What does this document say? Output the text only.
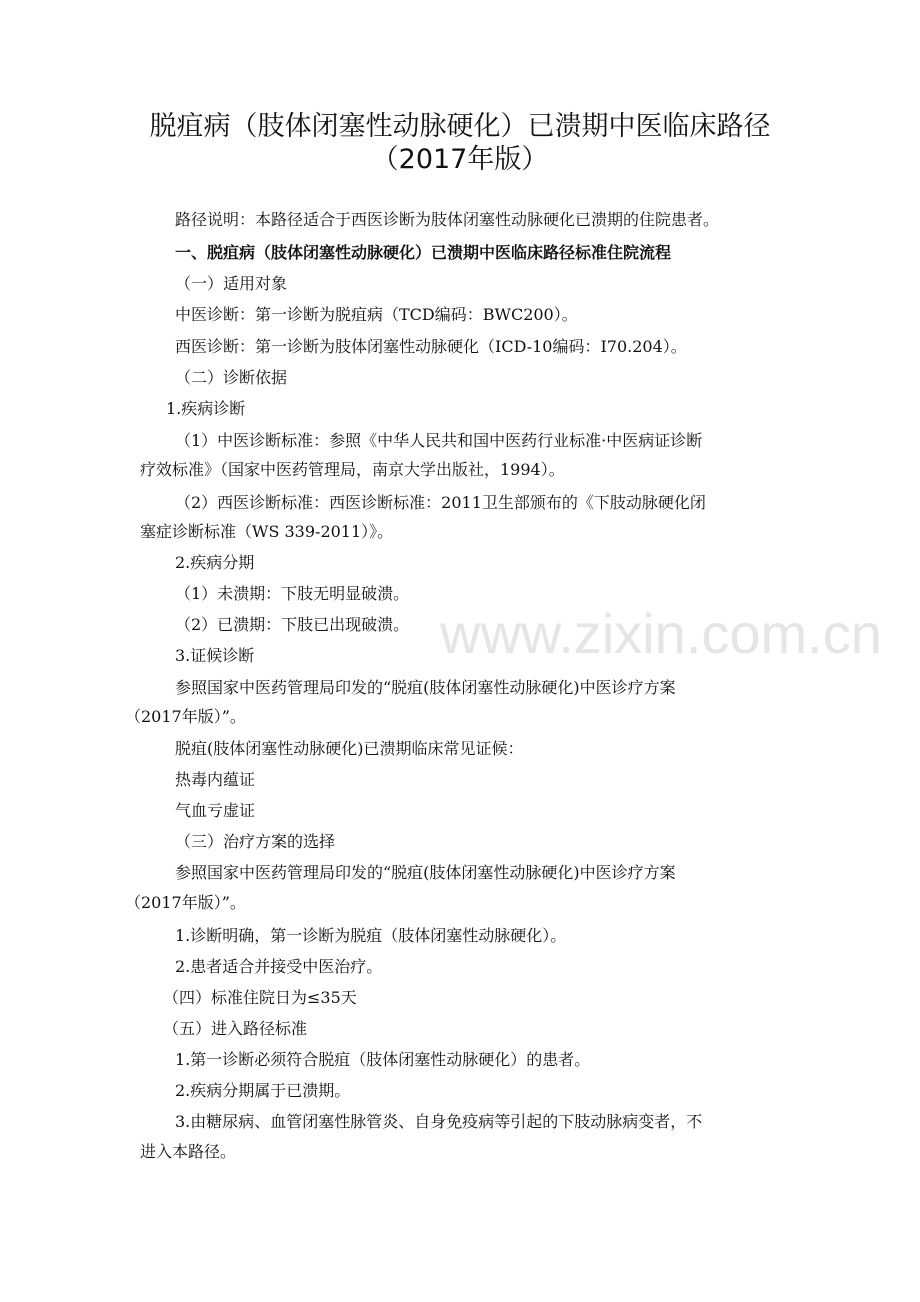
脱疽病（肢体闭塞性动脉硬化）已溃期中医临床路径
（2017年版）
路径说明：本路径适合于西医诊断为肢体闭塞性动脉硬化已溃期的住院患者。
一、脱疽病（肢体闭塞性动脉硬化）已溃期中医临床路径标准住院流程
（一）适用对象
中医诊断：第一诊断为脱疽病（TCD编码：BWC200）。
西医诊断：第一诊断为肢体闭塞性动脉硬化（ICD-10编码：I70.204）。
（二）诊断依据
1.疾病诊断
（1）中医诊断标准：参照《中华人民共和国中医药行业标准·中医病证诊断
疗效标准》（国家中医药管理局，南京大学出版社，1994）。
（2）西医诊断标准：西医诊断标准：2011卫生部颁布的《下肢动脉硬化闭
塞症诊断标准（WS 339-2011）》。
2.疾病分期
（1）未溃期：下肢无明显破溃。
（2）已溃期：下肢已出现破溃。
3.证候诊断
参照国家中医药管理局印发的“脱疽(肢体闭塞性动脉硬化)中医诊疗方案
（2017年版）”。
脱疽(肢体闭塞性动脉硬化)已溃期临床常见证候：
热毒内蕴证
气血亏虚证
（三）治疗方案的选择
参照国家中医药管理局印发的“脱疽(肢体闭塞性动脉硬化)中医诊疗方案
（2017年版）”。
1.诊断明确，第一诊断为脱疽（肢体闭塞性动脉硬化）。
2.患者适合并接受中医治疗。
（四）标准住院日为≤35天
（五）进入路径标准
1.第一诊断必须符合脱疽（肢体闭塞性动脉硬化）的患者。
2.疾病分期属于已溃期。
3.由糖尿病、血管闭塞性脉管炎、自身免疫病等引起的下肢动脉病变者，不
进入本路径。
www.zixin.com.cn
